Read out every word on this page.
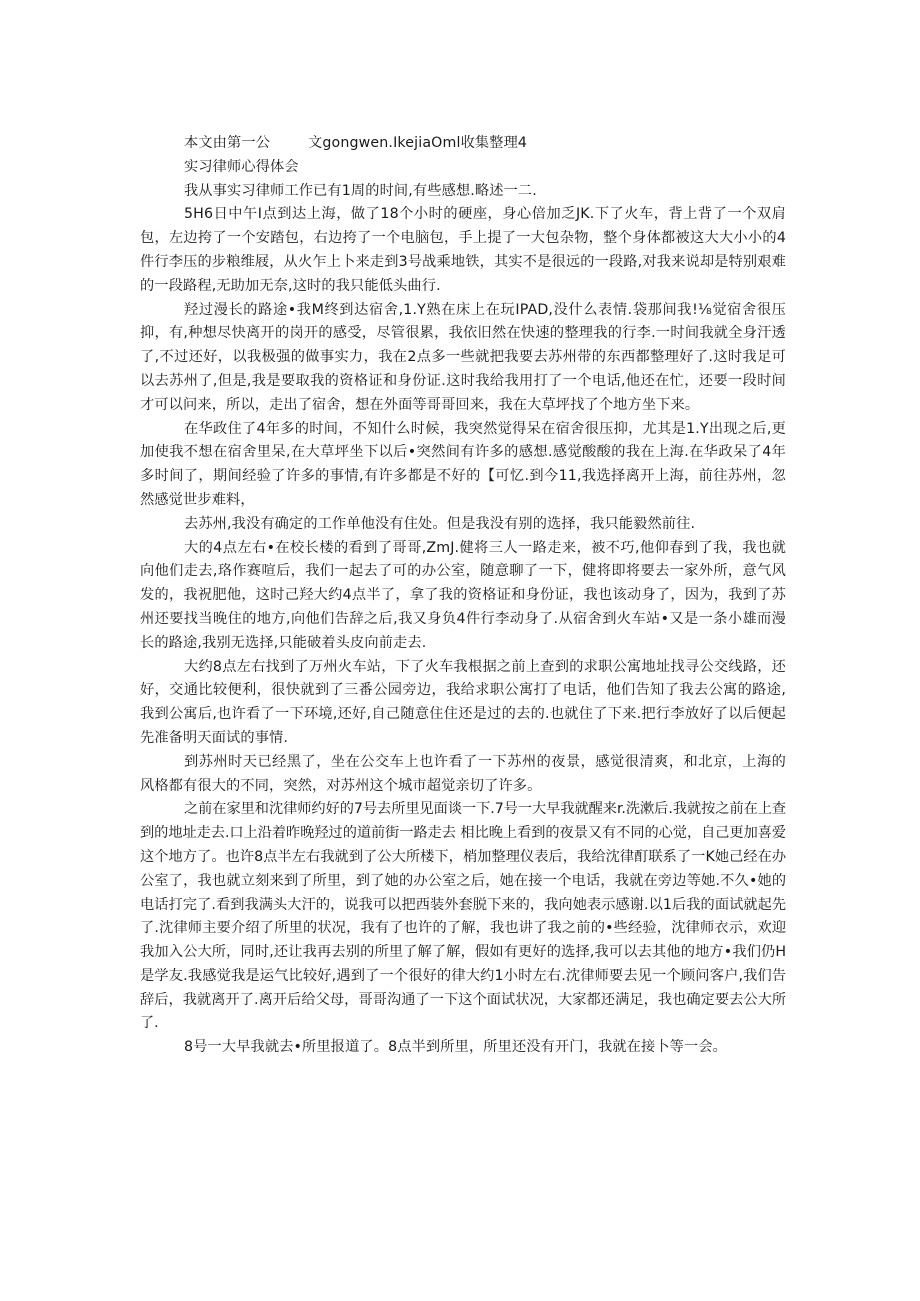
本文由第一公	文gongwen.IkejiaOml收集整理4

实习律师心得体会

我从事实习律师工作已有1周的时间,有些感想.略述一二.

5H6日中午I点到达上海，做了18个小时的硬座，身心倍加乏JK.下了火车，背上背了一个双肩包，左边挎了一个安踏包，右边挎了一个电脑包，手上提了一大包杂物，整个身体都被这大大小小的4件行李压的步粮维屐，从火乍上卜来走到3号战乘地铁，其实不是很远的一段路,对我来说却是特别艰难的一段路程,无助加无奈,这时的我只能低头曲行.

羟过漫长的路途•我M终到达宿舍,1.Y熟在床上在玩IPAD,没什么表情.袋那间我!⅛觉宿舍很压抑，有,种想尽快离开的岗开的感受，尽管很累，我依旧然在快速的整理我的行李.一时间我就全身汗透了,不过还好，以我极强的做事实力，我在2点多一些就把我要去苏州带的东西都整理好了.这时我足可以去苏州了,但是,我是要取我的资格证和身份证.这时我给我用打了一个电话,他还在忙，还要一段时间才可以问来，所以，走出了宿舍，想在外面等哥哥回来，我在大草坪找了个地方坐下来。

在华政住了4年多的时间，不知什么时候，我突然觉得呆在宿舍很压抑，尤其是1.Y出现之后,更加使我不想在宿舍里呆,在大草坪坐下以后•突然间有许多的感想.感觉酸酸的我在上海.在华政呆了4年多时间了，期间经验了许多的事情,有许多都是不好的【可忆.到今11,我选择离开上海，前往苏州，忽然感觉世步难料，

去苏州,我没有确定的工作单他没有住处。但是我没有别的选择，我只能毅然前往.

大的4点左右•在校长楼的看到了哥哥,ZmJ.健将三人一路走来，被不巧,他仰春到了我，我也就向他们走去,珞作赛喧后，我们一起去了可的办公室，随意聊了一下，健将即将要去一家外所，意气风发的，我祝肥他，这时己羟大约4点半了，拿了我的资格证和身份证，我也该动身了，因为，我到了苏州还要找当晚住的地方,向他们告辞之后,我又身负4件行李动身了.从宿舍到火车站•又是一条小雄而漫长的路途,我别无选择,只能破着头皮向前走去.

大约8点左右找到了万州火车站，下了火车我根据之前上查到的求职公寓地址找寻公交线路，还好，交通比较便利，很快就到了三番公园旁边，我给求职公寓打了电话，他们告知了我去公寓的路途,我到公寓后,也许看了一下环境,还好,自己随意住住还是过的去的.也就住了下来.把行李放好了以后便起先准备明天面试的事情.

到苏州时天已经黑了，坐在公交车上也许看了一下苏州的夜景，感觉很清爽，和北京，上海的风格都有很大的不同，突然，对苏州这个城市超觉亲切了许多。

之前在家里和沈律师约好的7号去所里见面谈一下.7号一大早我就醒来r.洗漱后.我就按之前在上查到的地址走去.口上沿着昨晚羟过的道前街一路走去 相比晚上看到的夜景又有不同的心觉，自己更加喜爱这个地方了。也许8点半左右我就到了公大所楼下，梢加整理仪表后，我给沈律酊联系了一K她己经在办公室了，我也就立刻来到了所里，到了她的办公室之后，她在接一个电话，我就在旁边等她.不久•她的电话打完了.看到我满头大汗的，说我可以把西装外套脱下来的，我向她表示感谢.以1后我的面试就起先了.沈律师主要介绍了所里的状况，我有了也许的了解，我也讲了我之前的•些经验，沈律师衣示，欢迎我加入公大所，同时,还让我再去别的所里了解了解，假如有更好的选择,我可以去其他的地方•我们仍H是学友.我感觉我是运气比较好,遇到了一个很好的律大约1小时左右.沈律师要去见一个顾问客户,我们告辞后，我就离开了.离开后给父母，哥哥沟通了一下这个面试状况，大家都还满足，我也确定要去公大所了.

8号一大早我就去•所里报道了。8点半到所里，所里还没有开门，我就在接卜等一会。
